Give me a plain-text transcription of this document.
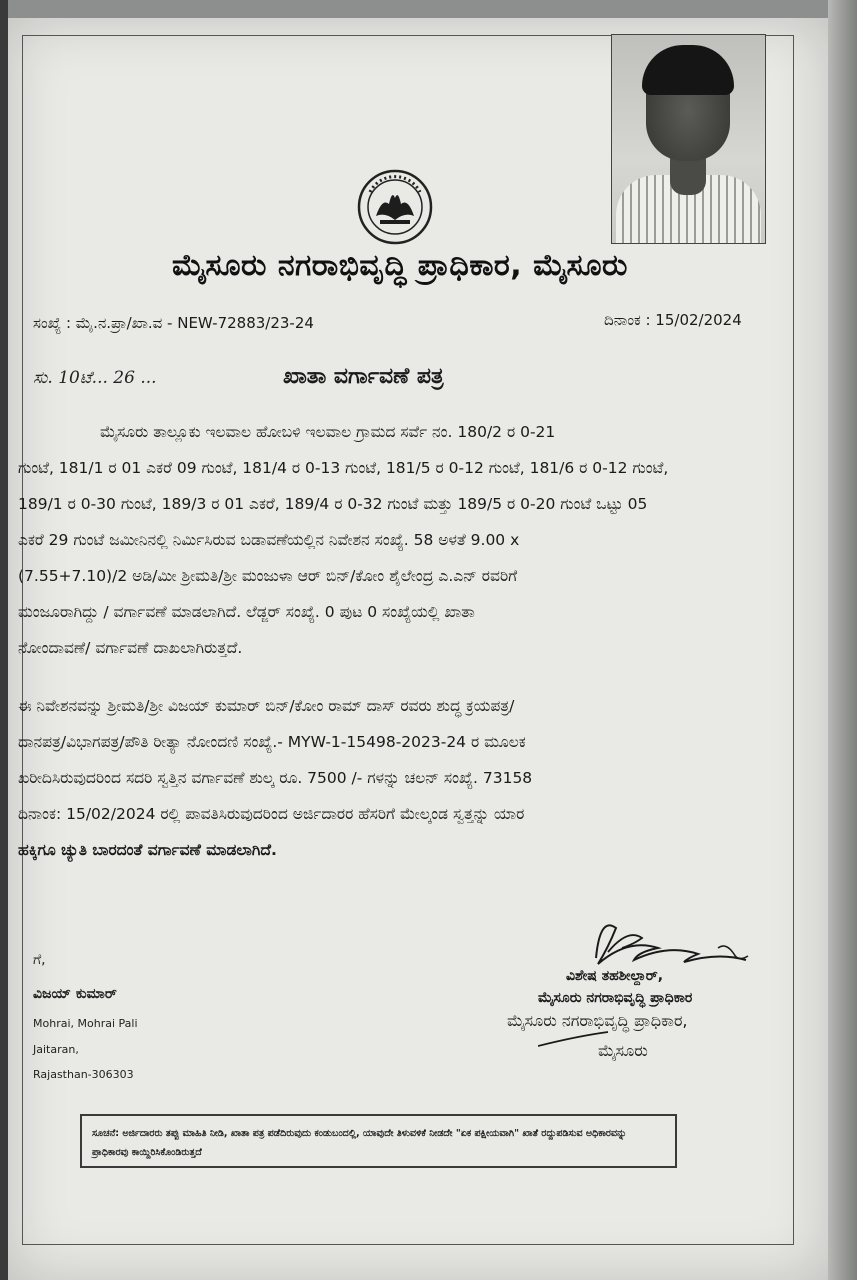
ಮೈಸೂರು ನಗರಾಭಿವೃದ್ಧಿ ಪ್ರಾಧಿಕಾರ, ಮೈಸೂರು
ಸಂಖ್ಯೆ : ಮೈ.ನ.ಪ್ರಾ/ಖಾ.ವ - NEW-72883/23-24	ದಿನಾಂಕ : 15/02/2024
ಸು. 10ಟೆ... 26 ...	ಖಾತಾ ವರ್ಗಾವಣೆ ಪತ್ರ
ಮೈಸೂರು ತಾಲ್ಲೂಕು ಇಲವಾಲ ಹೋಬಳಿ ಇಲವಾಲ ಗ್ರಾಮದ ಸರ್ವೆ ನಂ. 180/2 ರ 0-21
ಗುಂಟೆ, 181/1 ರ 01 ಎಕರೆ 09 ಗುಂಟೆ, 181/4 ರ 0-13 ಗುಂಟೆ, 181/5 ರ 0-12 ಗುಂಟೆ, 181/6 ರ 0-12 ಗುಂಟೆ,
189/1 ರ 0-30 ಗುಂಟೆ, 189/3 ರ 01 ಎಕರೆ, 189/4 ರ 0-32 ಗುಂಟೆ ಮತ್ತು 189/5 ರ 0-20 ಗುಂಟೆ ಒಟ್ಟು 05
ಎಕರೆ 29 ಗುಂಟೆ ಜಮೀನಿನಲ್ಲಿ ನಿರ್ಮಿಸಿರುವ ಬಡಾವಣೆಯಲ್ಲಿನ ನಿವೇಶನ ಸಂಖ್ಯೆ. 58 ಅಳತೆ 9.00 x
(7.55+7.10)/2 ಅಡಿ/ಮೀ ಶ್ರೀಮತಿ/ಶ್ರೀ ಮಂಜುಳಾ ಆರ್ ಬಿನ್/ಕೋಂ ಶೈಲೇಂದ್ರ ಎ.ಎನ್ ರವರಿಗೆ
ಮಂಜೂರಾಗಿದ್ದು / ವರ್ಗಾವಣೆ ಮಾಡಲಾಗಿದೆ. ಲೆಡ್ಜರ್ ಸಂಖ್ಯೆ. 0 ಪುಟ 0 ಸಂಖ್ಯೆಯಲ್ಲಿ ಖಾತಾ
ನೋಂದಾವಣೆ/ ವರ್ಗಾವಣೆ ದಾಖಲಾಗಿರುತ್ತದೆ.
ಈ ನಿವೇಶನವನ್ನು ಶ್ರೀಮತಿ/ಶ್ರೀ ವಿಜಯ್ ಕುಮಾರ್ ಬಿನ್/ಕೋಂ ರಾಮ್ ದಾಸ್ ರವರು ಶುದ್ಧ ಕ್ರಯಪತ್ರ/
ದಾನಪತ್ರ/ವಿಭಾಗಪತ್ರ/ಪೌತಿ ರೀತ್ಯಾ ನೋಂದಣಿ ಸಂಖ್ಯೆ.- MYW-1-15498-2023-24 ರ ಮೂಲಕ
ಖರೀದಿಸಿರುವುದರಿಂದ ಸದರಿ ಸ್ವತ್ತಿನ ವರ್ಗಾವಣೆ ಶುಲ್ಕ ರೂ. 7500 /- ಗಳನ್ನು ಚಲನ್ ಸಂಖ್ಯೆ. 73158
ದಿನಾಂಕ: 15/02/2024 ರಲ್ಲಿ ಪಾವತಿಸಿರುವುದರಿಂದ ಅರ್ಜಿದಾರರ ಹೆಸರಿಗೆ ಮೇಲ್ಕಂಡ ಸ್ವತ್ತನ್ನು ಯಾರ
ಹಕ್ಕಿಗೂ ಚ್ಯುತಿ ಬಾರದಂತೆ ವರ್ಗಾವಣೆ ಮಾಡಲಾಗಿದೆ.
ಗೆ,
ವಿಜಯ್ ಕುಮಾರ್
Mohrai, Mohrai Pali
Jaitaran,
Rajasthan-306303
ವಿಶೇಷ ತಹಶೀಲ್ದಾರ್,
ಮೈಸೂರು ನಗರಾಭಿವೃದ್ಧಿ ಪ್ರಾಧಿಕಾರ
ಮೈಸೂರು ನಗರಾಭಿವೃದ್ಧಿ ಪ್ರಾಧಿಕಾರ,
ಮೈಸೂರು
ಸೂಚನೆ: ಅರ್ಜಿದಾರರು ತಪ್ಪು ಮಾಹಿತಿ ನೀಡಿ, ಖಾತಾ ಪತ್ರ ಪಡೆದಿರುವುದು ಕಂಡುಬಂದಲ್ಲಿ, ಯಾವುದೇ ತಿಳುವಳಿಕೆ ನೀಡದೇ "ಏಕ ಪಕ್ಷೀಯವಾಗಿ" ಖಾತೆ ರದ್ದುಪಡಿಸುವ ಅಧಿಕಾರವನ್ನು ಪ್ರಾಧಿಕಾರವು ಕಾಯ್ದಿರಿಸಿಕೊಂಡಿರುತ್ತದೆ
